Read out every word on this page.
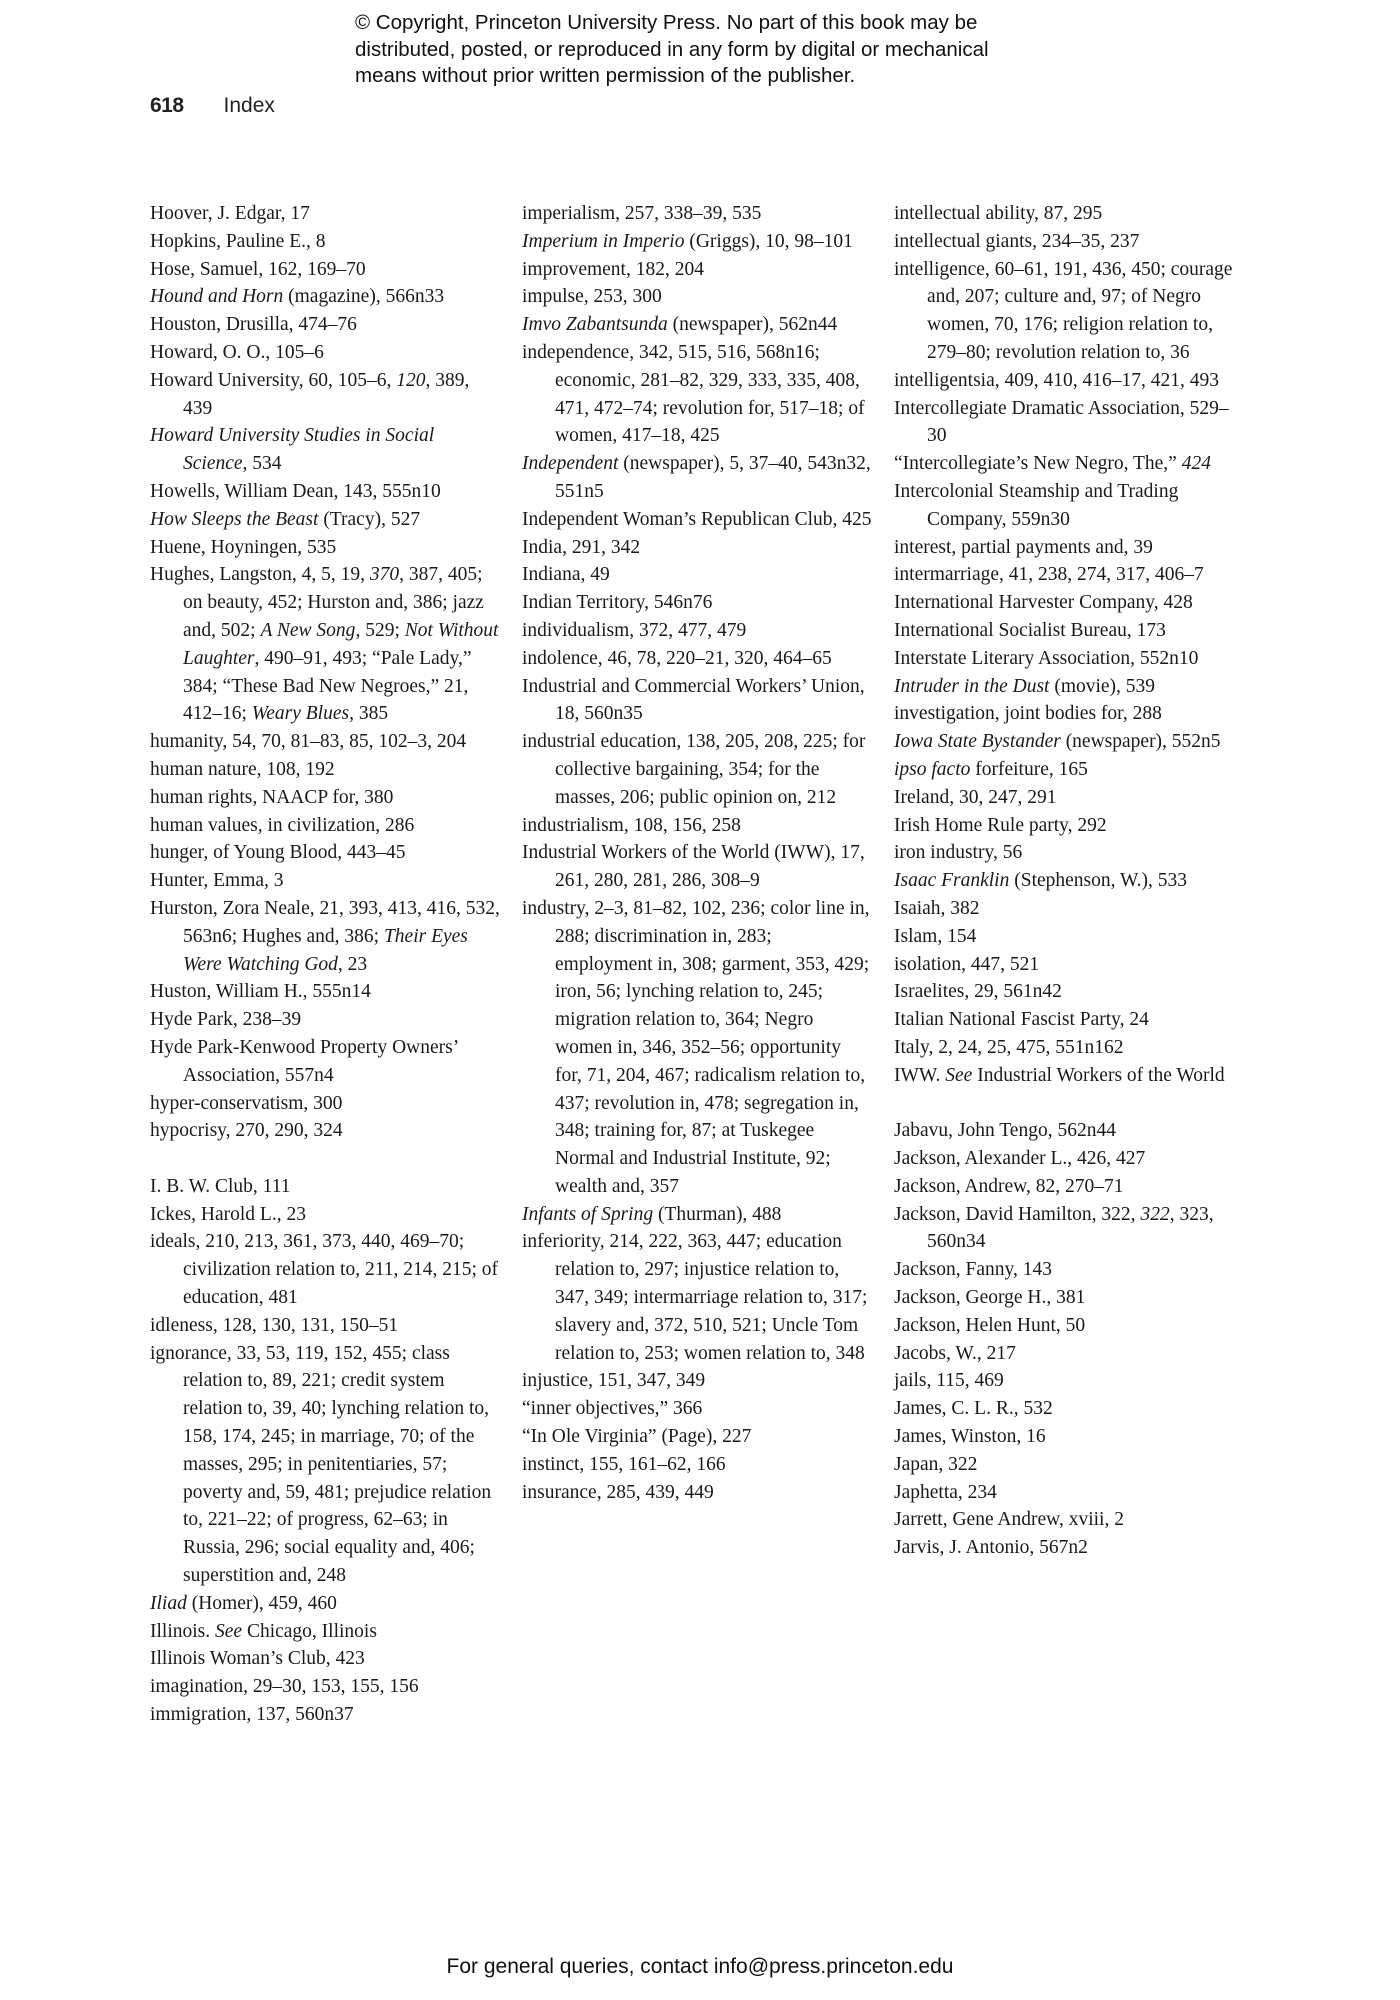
© Copyright, Princeton University Press. No part of this book may be
distributed, posted, or reproduced in any form by digital or mechanical
means without prior written permission of the publisher.
618 Index
Hoover, J. Edgar, 17
Hopkins, Pauline E., 8
Hose, Samuel, 162, 169–70
Hound and Horn (magazine), 566n33
Houston, Drusilla, 474–76
Howard, O. O., 105–6
Howard University, 60, 105–6, 120, 389, 439
Howard University Studies in Social Science, 534
Howells, William Dean, 143, 555n10
How Sleeps the Beast (Tracy), 527
Huene, Hoyningen, 535
Hughes, Langston, 4, 5, 19, 370, 387, 405; on beauty, 452; Hurston and, 386; jazz and, 502; A New Song, 529; Not Without Laughter, 490–91, 493; “Pale Lady,” 384; “These Bad New Negroes,” 21, 412–16; Weary Blues, 385
humanity, 54, 70, 81–83, 85, 102–3, 204
human nature, 108, 192
human rights, NAACP for, 380
human values, in civilization, 286
hunger, of Young Blood, 443–45
Hunter, Emma, 3
Hurston, Zora Neale, 21, 393, 413, 416, 532, 563n6; Hughes and, 386; Their Eyes Were Watching God, 23
Huston, William H., 555n14
Hyde Park, 238–39
Hyde Park-Kenwood Property Owners’ Association, 557n4
hyper-conservatism, 300
hypocrisy, 270, 290, 324
I. B. W. Club, 111
Ickes, Harold L., 23
ideals, 210, 213, 361, 373, 440, 469–70; civilization relation to, 211, 214, 215; of education, 481
idleness, 128, 130, 131, 150–51
ignorance, 33, 53, 119, 152, 455; class relation to, 89, 221; credit system relation to, 39, 40; lynching relation to, 158, 174, 245; in marriage, 70; of the masses, 295; in penitentiaries, 57; poverty and, 59, 481; prejudice relation to, 221–22; of progress, 62–63; in Russia, 296; social equality and, 406; superstition and, 248
Iliad (Homer), 459, 460
Illinois. See Chicago, Illinois
Illinois Woman’s Club, 423
imagination, 29–30, 153, 155, 156
immigration, 137, 560n37
imperialism, 257, 338–39, 535
Imperium in Imperio (Griggs), 10, 98–101
improvement, 182, 204
impulse, 253, 300
Imvo Zabantsunda (newspaper), 562n44
independence, 342, 515, 516, 568n16; economic, 281–82, 329, 333, 335, 408, 471, 472–74; revolution for, 517–18; of women, 417–18, 425
Independent (newspaper), 5, 37–40, 543n32, 551n5
Independent Woman’s Republican Club, 425
India, 291, 342
Indiana, 49
Indian Territory, 546n76
individualism, 372, 477, 479
indolence, 46, 78, 220–21, 320, 464–65
Industrial and Commercial Workers’ Union, 18, 560n35
industrial education, 138, 205, 208, 225; for collective bargaining, 354; for the masses, 206; public opinion on, 212
industrialism, 108, 156, 258
Industrial Workers of the World (IWW), 17, 261, 280, 281, 286, 308–9
industry, 2–3, 81–82, 102, 236; color line in, 288; discrimination in, 283; employment in, 308; garment, 353, 429; iron, 56; lynching relation to, 245; migration relation to, 364; Negro women in, 346, 352–56; opportunity for, 71, 204, 467; radicalism relation to, 437; revolution in, 478; segregation in, 348; training for, 87; at Tuskegee Normal and Industrial Institute, 92; wealth and, 357
Infants of Spring (Thurman), 488
inferiority, 214, 222, 363, 447; education relation to, 297; injustice relation to, 347, 349; intermarriage relation to, 317; slavery and, 372, 510, 521; Uncle Tom relation to, 253; women relation to, 348
injustice, 151, 347, 349
“inner objectives,” 366
“In Ole Virginia” (Page), 227
instinct, 155, 161–62, 166
insurance, 285, 439, 449
intellectual ability, 87, 295
intellectual giants, 234–35, 237
intelligence, 60–61, 191, 436, 450; courage and, 207; culture and, 97; of Negro women, 70, 176; religion relation to, 279–80; revolution relation to, 36
intelligentsia, 409, 410, 416–17, 421, 493
Intercollegiate Dramatic Association, 529–30
“Intercollegiate’s New Negro, The,” 424
Intercolonial Steamship and Trading Company, 559n30
interest, partial payments and, 39
intermarriage, 41, 238, 274, 317, 406–7
International Harvester Company, 428
International Socialist Bureau, 173
Interstate Literary Association, 552n10
Intruder in the Dust (movie), 539
investigation, joint bodies for, 288
Iowa State Bystander (newspaper), 552n5
ipso facto forfeiture, 165
Ireland, 30, 247, 291
Irish Home Rule party, 292
iron industry, 56
Isaac Franklin (Stephenson, W.), 533
Isaiah, 382
Islam, 154
isolation, 447, 521
Israelites, 29, 561n42
Italian National Fascist Party, 24
Italy, 2, 24, 25, 475, 551n162
IWW. See Industrial Workers of the World
Jabavu, John Tengo, 562n44
Jackson, Alexander L., 426, 427
Jackson, Andrew, 82, 270–71
Jackson, David Hamilton, 322, 322, 323, 560n34
Jackson, Fanny, 143
Jackson, George H., 381
Jackson, Helen Hunt, 50
Jacobs, W., 217
jails, 115, 469
James, C. L. R., 532
James, Winston, 16
Japan, 322
Japhetta, 234
Jarrett, Gene Andrew, xviii, 2
Jarvis, J. Antonio, 567n2
For general queries, contact info@press.princeton.edu
